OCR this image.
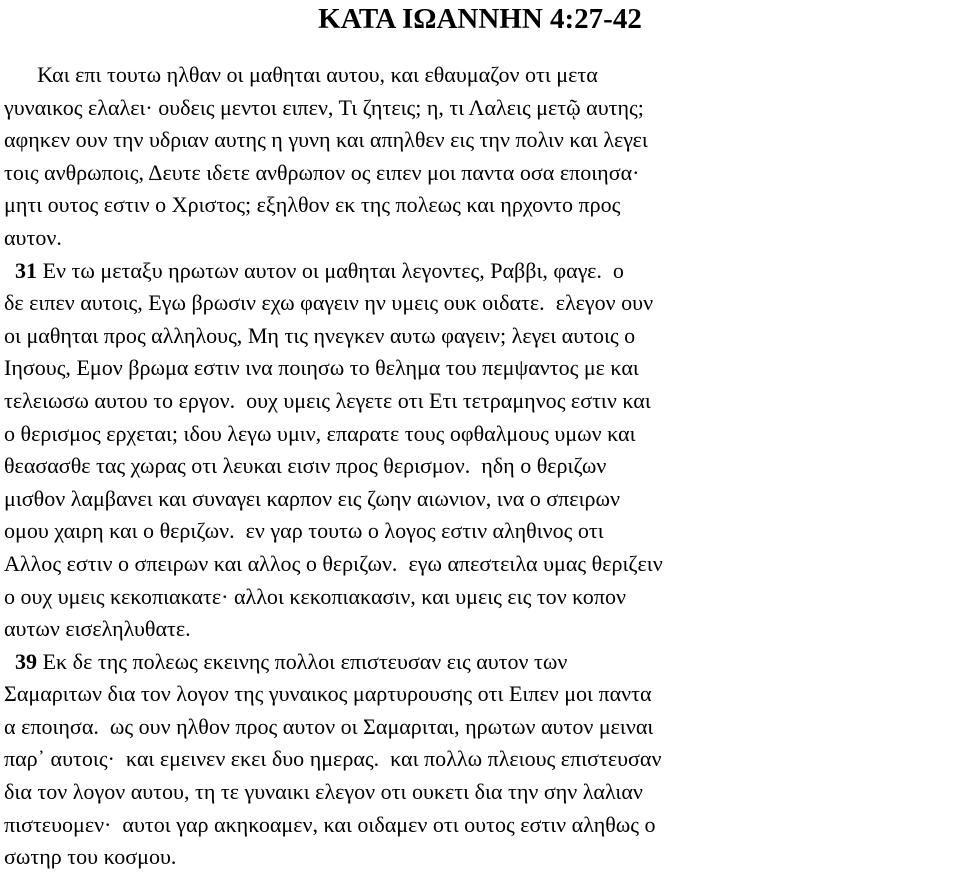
ΚΑΤΑ ΙΩΑΝΝΗΝ 4:27-42
Και επι τουτω ηλθαν οι μαθηται αυτου, και εθαυμαζον οτι μετα
γυναικος ελαλει· ουδεις μεντοι ειπεν, Τι ζητεις; η, τι Λαλεις μετῷ αυτης;
αφηκεν ουν την υδριαν αυτης η γυνη και απηλθεν εις την πολιν και λεγει
τοις ανθρωποις, Δευτε ιδετε ανθρωπον ος ειπεν μοι παντα οσα εποιησα·
μητι ουτος εστιν ο Χριστος; εξηλθον εκ της πολεως και ηρχοντο προς
αυτον.
31 Εν τω μεταξυ ηρωτων αυτον οι μαθηται λεγοντες, Ραββι, φαγε.  ο
δε ειπεν αυτοις, Εγω βρωσιν εχω φαγειν ην υμεις ουκ οιδατε.  ελεγον ουν
οι μαθηται προς αλληλους, Μη τις ηνεγκεν αυτω φαγειν; λεγει αυτοις ο
Ιησους, Εμον βρωμα εστιν ινα ποιησω το θελημα του πεμψαντος με και
τελειωσω αυτου το εργον.  ουχ υμεις λεγετε οτι Ετι τετραμηνος εστιν και
ο θερισμος ερχεται; ιδου λεγω υμιν, επαρατε τους οφθαλμους υμων και
θεασασθε τας χωρας οτι λευκαι εισιν προς θερισμον.  ηδη ο θεριζων
μισθον λαμβανει και συναγει καρπον εις ζωην αιωνιον, ινα ο σπειρων
ομου χαιρη και ο θεριζων.  εν γαρ τουτω ο λογος εστιν αληθινος οτι
Αλλος εστιν ο σπειρων και αλλος ο θεριζων.  εγω απεστειλα υμας θεριζειν
ο ουχ υμεις κεκοπιακατε· αλλοι κεκοπιακασιν, και υμεις εις τον κοπον
αυτων εισεληλυθατε.
39 Εκ δε της πολεως εκεινης πολλοι επιστευσαν εις αυτον των
Σαμαριτων δια τον λογον της γυναικος μαρτυρουσης οτι Ειπεν μοι παντα
α εποιησα.  ως ουν ηλθον προς αυτον οι Σαμαριται, ηρωτων αυτον μειναι
παρ᾽ αυτοις·  και εμεινεν εκει δυο ημερας.  και πολλω πλειους επιστευσαν
δια τον λογον αυτου, τη τε γυναικι ελεγον οτι ουκετι δια την σην λαλιαν
πιστευομεν·  αυτοι γαρ ακηκοαμεν, και οιδαμεν οτι ουτος εστιν αληθως ο
σωτηρ του κοσμου.
